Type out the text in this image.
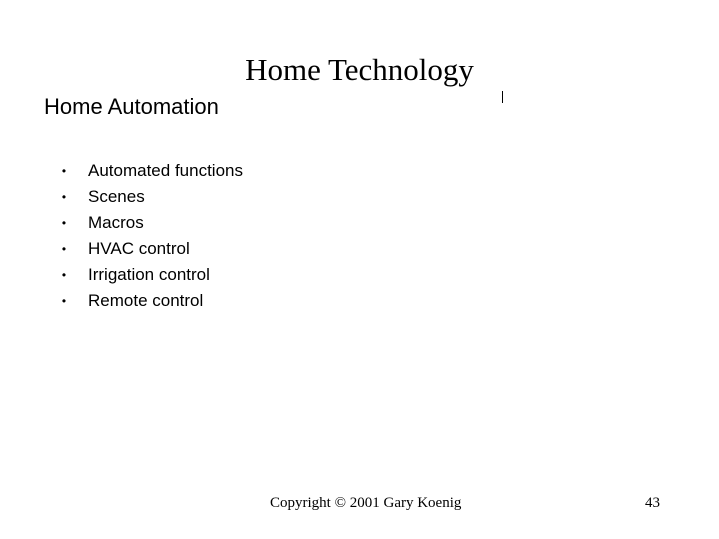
Home Technology
Home Automation
• Automated functions
• Scenes
• Macros
• HVAC control
• Irrigation control
• Remote control
Copyright © 2001 Gary Koenig	43
